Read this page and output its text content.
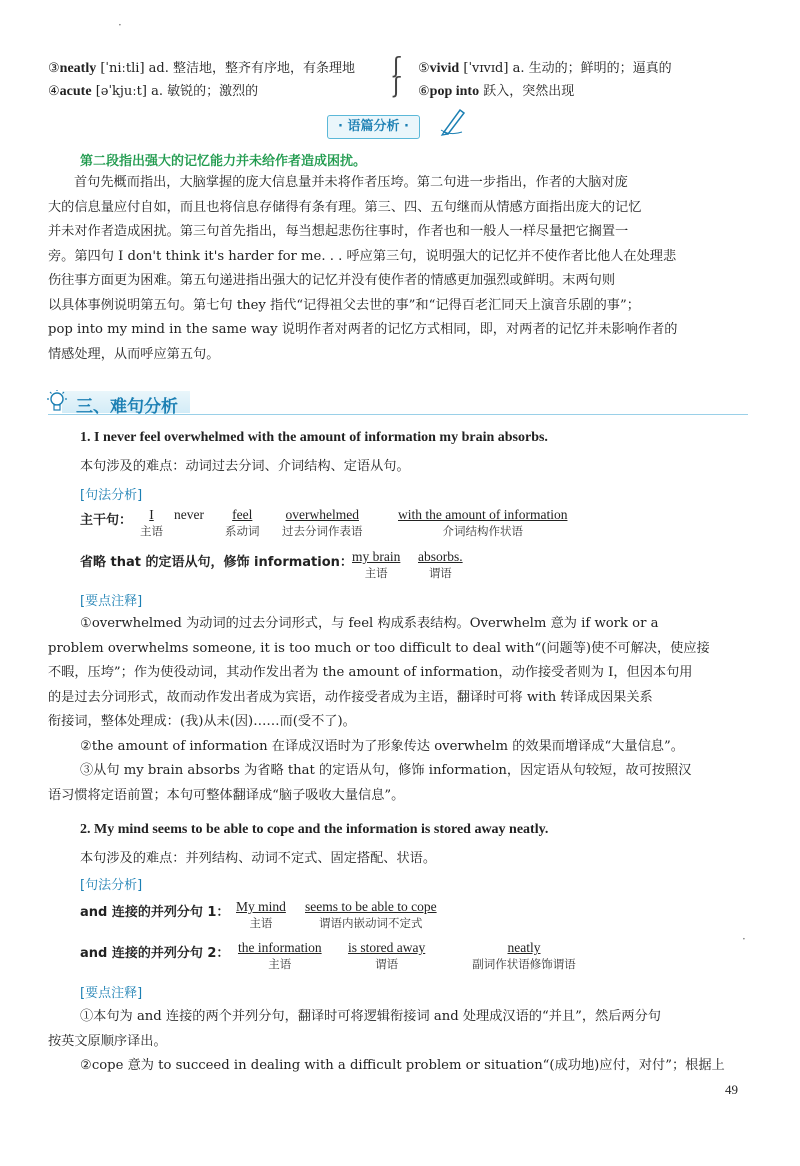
·
③neatly [ˈniːtli] ad. 整洁地，整齐有序地，有条理地
④acute [əˈkjuːt] a. 敏锐的；激烈的
ʃ
ʃ
⑤vivid [ˈvɪvɪd] a. 生动的；鲜明的；逼真的
⑥pop into 跃入，突然出现
· 语篇分析 ·
第二段指出强大的记忆能力并未给作者造成困扰。
首句先概而指出，大脑掌握的庞大信息量并未将作者压垮。第二句进一步指出，作者的大脑对庞
大的信息量应付自如，而且也将信息存储得有条有理。第三、四、五句继而从情感方面指出庞大的记忆
并未对作者造成困扰。第三句首先指出，每当想起悲伤往事时，作者也和一般人一样尽量把它搁置一
旁。第四句 I don't think it's harder for me. . . 呼应第三句，说明强大的记忆并不使作者比他人在处理悲
伤往事方面更为困难。第五句递进指出强大的记忆并没有使作者的情感更加强烈或鲜明。末两句则
以具体事例说明第五句。第七句 they 指代“记得祖父去世的事”和“记得百老汇同天上演音乐剧的事”；
pop into my mind in the same way 说明作者对两者的记忆方式相同，即，对两者的记忆并未影响作者的
情感处理，从而呼应第五句。
三、难句分析
1. I never feel overwhelmed with the amount of information my brain absorbs.
本句涉及的难点：动词过去分词、介词结构、定语从句。
[句法分析]
主干句：	I
主语
never	feel
系动词
overwhelmed
过去分词作表语
with the amount of information
介词结构作状语
省略 that 的定语从句，修饰 information： my brain
主语
absorbs.
谓语
[要点注释]
①overwhelmed 为动词的过去分词形式，与 feel 构成系表结构。Overwhelm 意为 if work or a
problem overwhelms someone, it is too much or too difficult to deal with“(问题等)使不可解决，使应接
不暇，压垮”；作为使役动词，其动作发出者为 the amount of information，动作接受者则为 I，但因本句用
的是过去分词形式，故而动作发出者成为宾语，动作接受者成为主语，翻译时可将 with 转译成因果关系
衔接词，整体处理成：(我)从未(因)……而(受不了)。
②the amount of information 在译成汉语时为了形象传达 overwhelm 的效果而增译成“大量信息”。
③从句 my brain absorbs 为省略 that 的定语从句，修饰 information，因定语从句较短，故可按照汉
语习惯将定语前置；本句可整体翻译成“脑子吸收大量信息”。
2. My mind seems to be able to cope and the information is stored away neatly.
本句涉及的难点：并列结构、动词不定式、固定搭配、状语。
[句法分析]
and 连接的并列分句 1： My mind
主语
seems to be able to cope
谓语内嵌动词不定式
and 连接的并列分句 2： the information
主语
is stored away
谓语
neatly
副词作状语修饰谓语
[要点注释]
①本句为 and 连接的两个并列分句，翻译时可将逻辑衔接词 and 处理成汉语的“并且”，然后两分句
按英文原顺序译出。
②cope 意为 to succeed in dealing with a difficult problem or situation“(成功地)应付，对付”；根据上
·
49
